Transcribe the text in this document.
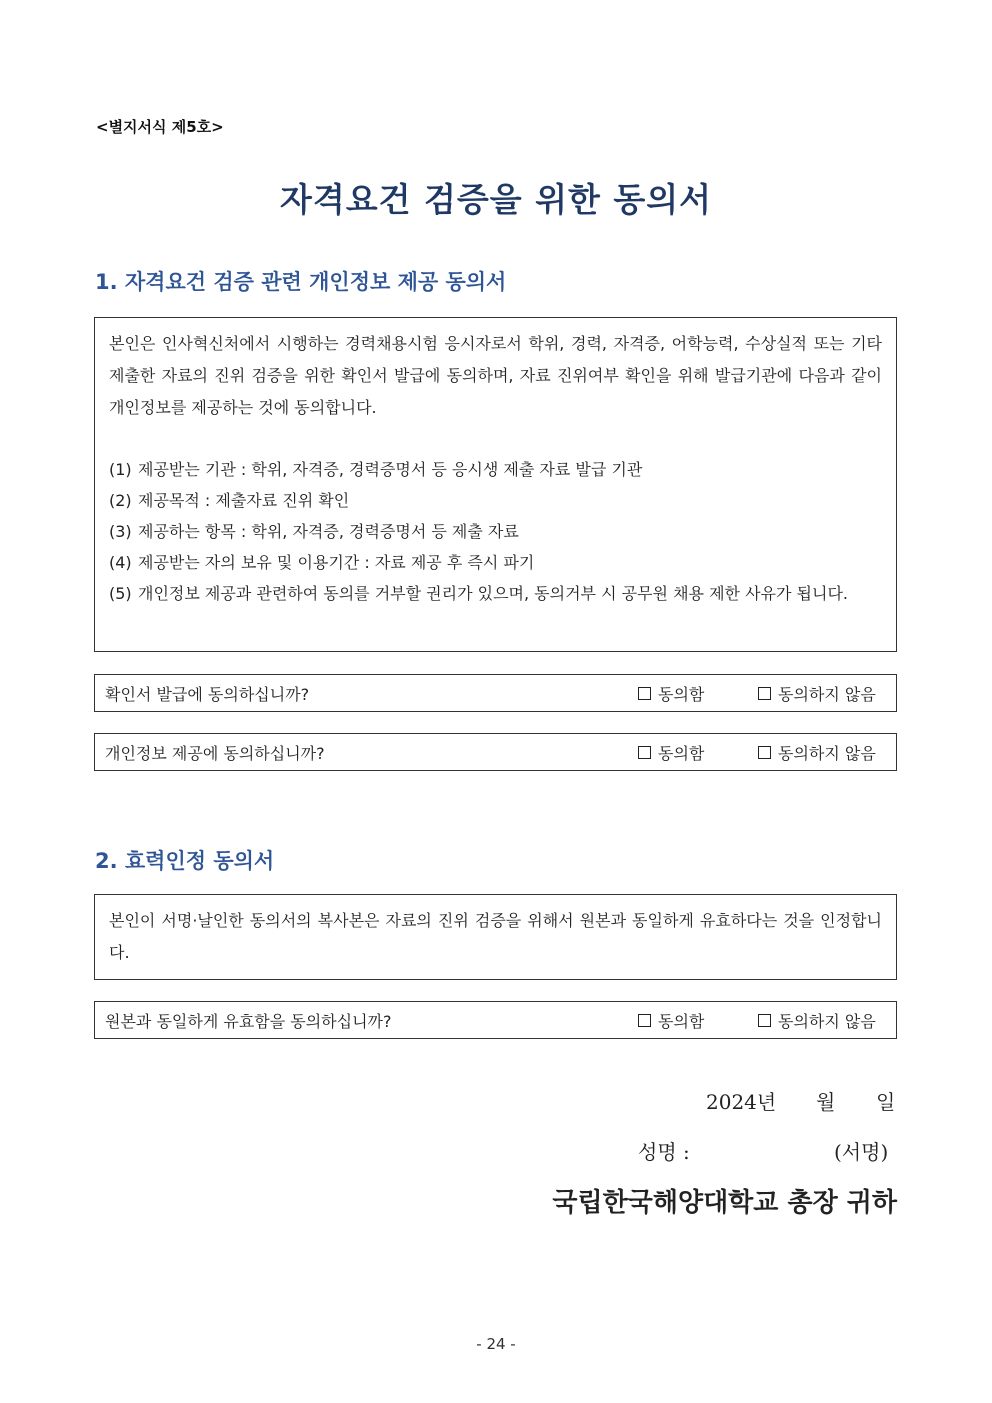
<별지서식 제5호>
자격요건 검증을 위한 동의서
1. 자격요건 검증 관련 개인정보 제공 동의서
본인은 인사혁신처에서 시행하는 경력채용시험 응시자로서 학위, 경력, 자격증, 어학능력, 수상실적 또는 기타 제출한 자료의 진위 검증을 위한 확인서 발급에 동의하며, 자료 진위여부 확인을 위해 발급기관에 다음과 같이 개인정보를 제공하는 것에 동의합니다.
(1) 제공받는 기관 : 학위, 자격증, 경력증명서 등 응시생 제출 자료 발급 기관
(2) 제공목적 : 제출자료 진위 확인
(3) 제공하는 항목 : 학위, 자격증, 경력증명서 등 제출 자료
(4) 제공받는 자의 보유 및 이용기간 : 자료 제공 후 즉시 파기
(5) 개인정보 제공과 관련하여 동의를 거부할 권리가 있으며, 동의거부 시 공무원 채용 제한 사유가 됩니다.
확인서 발급에 동의하십니까?	동의함	동의하지 않음
개인정보 제공에 동의하십니까?	동의함	동의하지 않음
2. 효력인정 동의서
본인이 서명·날인한 동의서의 복사본은 자료의 진위 검증을 위해서 원본과 동일하게 유효하다는 것을 인정합니다.
원본과 동일하게 유효함을 동의하십니까?	동의함	동의하지 않음
2024년 월 일
성명 :	(서명)
국립한국해양대학교 총장 귀하
- 24 -
